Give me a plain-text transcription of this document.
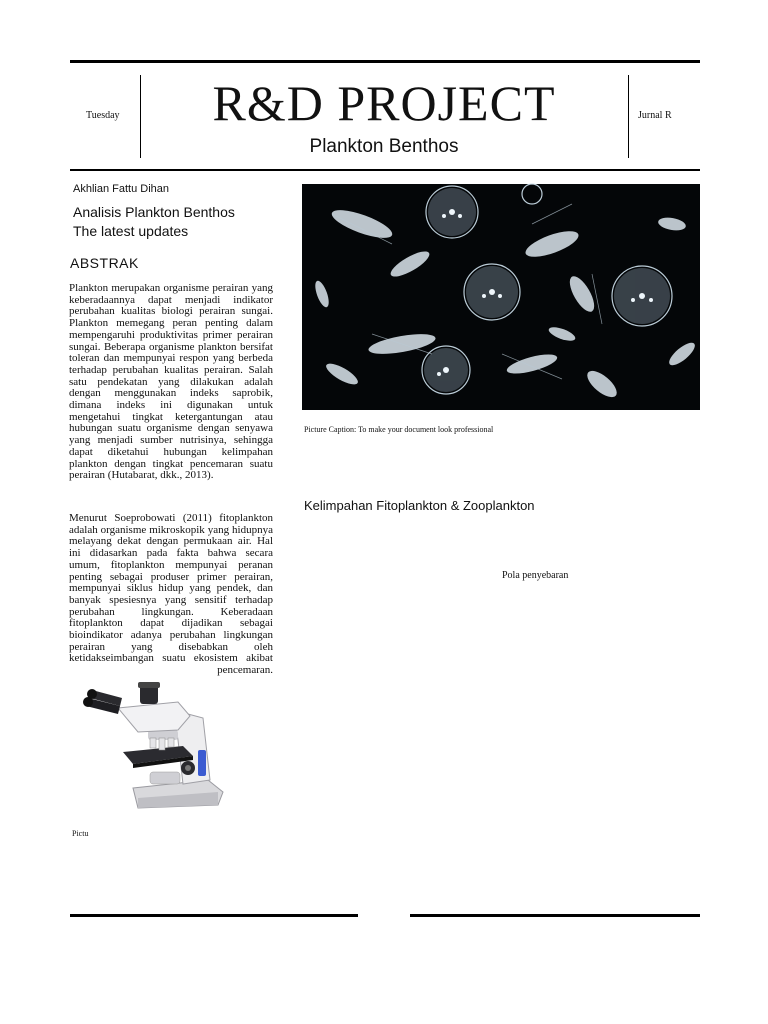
Tuesday	R&D PROJECT
Plankton Benthos
Jurnal R
Akhlian Fattu Dihan
Analisis Plankton Benthos
The latest updates
ABSTRAK

Plankton merupakan organisme perairan yang keberadaannya dapat menjadi indikator perubahan kualitas biologi perairan sungai. Plankton memegang peran penting dalam mempengaruhi produktivitas primer perairan sungai. Beberapa organisme plankton bersifat toleran dan mempunyai respon yang berbeda terhadap perubahan kualitas perairan. Salah satu pendekatan yang dilakukan adalah dengan menggunakan indeks saprobik, dimana indeks ini digunakan untuk mengetahui tingkat ketergantungan atau hubungan suatu organisme dengan senyawa yang menjadi sumber nutrisinya, sehingga dapat diketahui hubungan kelimpahan plankton dengan tingkat pencemaran suatu perairan (Hutabarat, dkk., 2013).

Menurut Soeprobowati (2011) fitoplankton adalah organisme mikroskopik yang hidupnya melayang dekat dengan permukaan air. Hal ini didasarkan pada fakta bahwa secara umum, fitoplankton mempunyai peranan penting sebagai produser primer perairan, mempunyai siklus hidup yang pendek, dan banyak spesiesnya yang sensitif terhadap perubahan lingkungan. Keberadaan fitoplankton dapat dijadikan sebagai bioindikator adanya perubahan lingkungan perairan yang disebabkan oleh ketidakseimbangan suatu ekosistem akibat pencemaran.

Pictu
Picture Caption: To make your document look professional
Kelimpahan Fitoplankton & Zooplankton
Pola penyebaran
